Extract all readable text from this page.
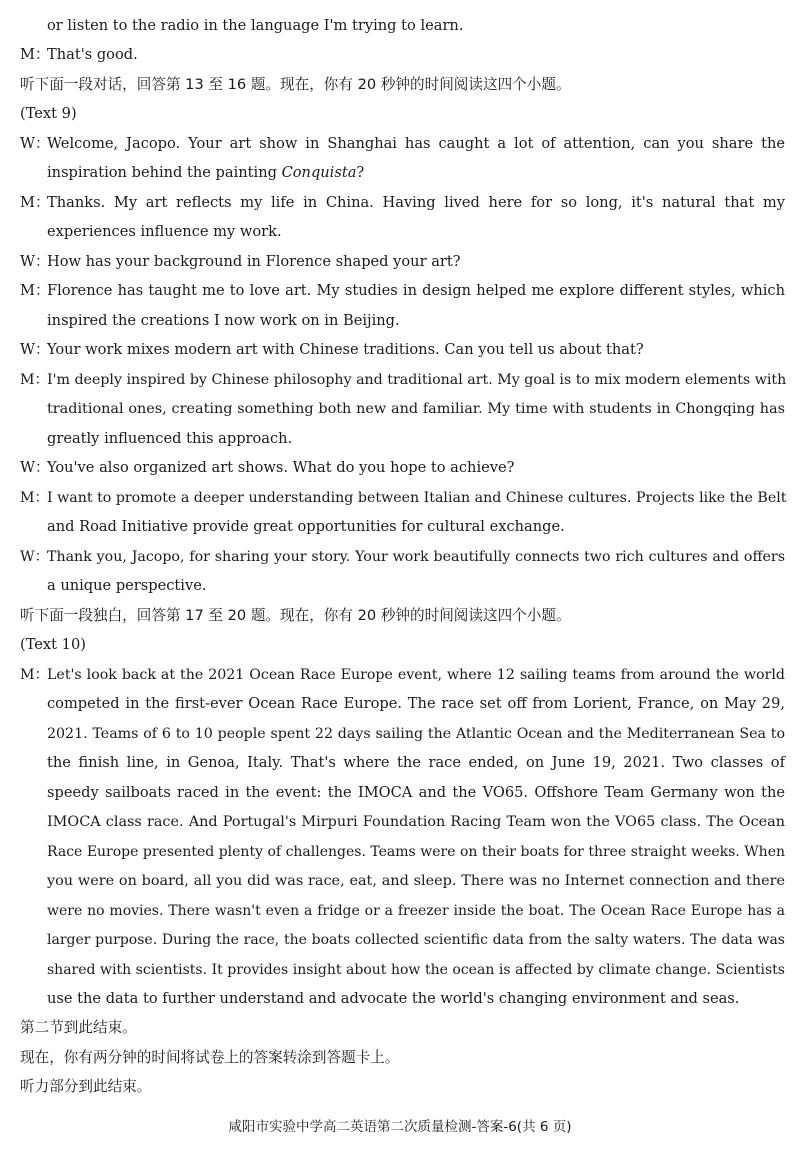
or listen to the radio in the language I'm trying to learn.
M：That's good.
听下面一段对话，回答第 13 至 16 题。现在，你有 20 秒钟的时间阅读这四个小题。
(Text 9)
W：Welcome, Jacopo. Your art show in Shanghai has caught a lot of attention, can you share the
inspiration behind the painting Conquista?
M：Thanks. My art reflects my life in China. Having lived here for so long, it's natural that my
experiences influence my work.
W：How has your background in Florence shaped your art?
M：Florence has taught me to love art. My studies in design helped me explore different styles, which
inspired the creations I now work on in Beijing.
W：Your work mixes modern art with Chinese traditions. Can you tell us about that?
M：I'm deeply inspired by Chinese philosophy and traditional art. My goal is to mix modern elements with
traditional ones, creating something both new and familiar. My time with students in Chongqing has
greatly influenced this approach.
W：You've also organized art shows. What do you hope to achieve?
M：I want to promote a deeper understanding between Italian and Chinese cultures. Projects like the Belt
and Road Initiative provide great opportunities for cultural exchange.
W：Thank you, Jacopo, for sharing your story. Your work beautifully connects two rich cultures and offers
a unique perspective.
听下面一段独白，回答第 17 至 20 题。现在，你有 20 秒钟的时间阅读这四个小题。
(Text 10)
M：Let's look back at the 2021 Ocean Race Europe event, where 12 sailing teams from around the world
competed in the first-ever Ocean Race Europe. The race set off from Lorient, France, on May 29,
2021. Teams of 6 to 10 people spent 22 days sailing the Atlantic Ocean and the Mediterranean Sea to
the finish line, in Genoa, Italy. That's where the race ended, on June 19, 2021. Two classes of
speedy sailboats raced in the event: the IMOCA and the VO65. Offshore Team Germany won the
IMOCA class race. And Portugal's Mirpuri Foundation Racing Team won the VO65 class. The Ocean
Race Europe presented plenty of challenges. Teams were on their boats for three straight weeks. When
you were on board, all you did was race, eat, and sleep. There was no Internet connection and there
were no movies. There wasn't even a fridge or a freezer inside the boat. The Ocean Race Europe has a
larger purpose. During the race, the boats collected scientific data from the salty waters. The data was
shared with scientists. It provides insight about how the ocean is affected by climate change. Scientists
use the data to further understand and advocate the world's changing environment and seas.
第二节到此结束。
现在，你有两分钟的时间将试卷上的答案转涂到答题卡上。
听力部分到此结束。
咸阳市实验中学高二英语第二次质量检测-答案-6(共 6 页)
